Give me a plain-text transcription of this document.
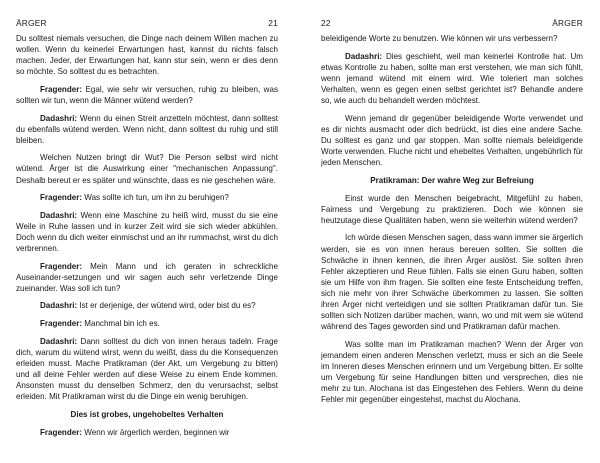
ÄRGER	21

Du solltest niemals versuchen, die Dinge nach deinem Willen machen zu wollen. Wenn du keinerlei Erwartungen hast, kannst du nichts falsch machen. Jeder, der Erwartungen hat, kann stur sein, wenn er dies denn so möchte. So solltest du es betrachten.

Fragender: Egal, wie sehr wir versuchen, ruhig zu bleiben, was sollten wir tun, wenn die Männer wütend werden?

Dadashri: Wenn du einen Streit anzetteln möchtest, dann solltest du ebenfalls wütend werden. Wenn nicht, dann solltest du ruhig und still bleiben.

Welchen Nutzen bringt dir Wut? Die Person selbst wird nicht wütend. Ärger ist die Auswirkung einer "mechanischen Anpassung". Deshalb bereut er es später und wünschte, dass es nie geschehen wäre.

Fragender: Was sollte ich tun, um ihn zu beruhigen?

Dadashri: Wenn eine Maschine zu heiß wird, musst du sie eine Weile in Ruhe lassen und in kurzer Zeit wird sie sich wieder abkühlen. Doch wenn du dich weiter einmischst und an ihr rummachst, wirst du dich verbrennen.

Fragender: Mein Mann und ich geraten in schreckliche Auseinander-setzungen und wir sagen auch sehr verletzende Dinge zueinander. Was soll ich tun?

Dadashri: Ist er derjenige, der wütend wird, oder bist du es?

Fragender: Manchmal bin ich es.

Dadashri: Dann solltest du dich von innen heraus tadeln. Frage dich, warum du wütend wirst, wenn du weißt, dass du die Konsequenzen erleiden musst. Mache Pratikraman (der Akt, um Vergebung zu bitten) und all deine Fehler werden auf diese Weise zu einem Ende kommen. Ansonsten musst du denselben Schmerz, den du verursachst, selbst erleiden. Mit Pratikraman wirst du die Dinge ein wenig beruhigen.

Dies ist grobes, ungehobeltes Verhalten

Fragender: Wenn wir ärgerlich werden, beginnen wir

22	ÄRGER

beleidigende Worte zu benutzen. Wie können wir uns verbessern?

Dadashri: Dies geschieht, weil man keinerlei Kontrolle hat. Um etwas Kontrolle zu haben, sollte man erst verstehen, wie man sich fühlt, wenn jemand wütend mit einem wird. Wie toleriert man solches Verhalten, wenn es gegen einen selbst gerichtet ist? Behandle andere so, wie auch du behandelt werden möchtest.

Wenn jemand dir gegenüber beleidigende Worte verwendet und es dir nichts ausmacht oder dich bedrückt, ist dies eine andere Sache. Du solltest es ganz und gar stoppen. Man sollte niemals beleidigende Worte verwenden. Fluche nicht und ehebeltes Verhalten, ungebührlich für jeden Menschen.

Pratikraman: Der wahre Weg zur Befreiung

Einst wurde den Menschen beigebracht, Mitgefühl zu haben, Fairness und Vergebung zu praktizieren. Doch wie können sie heutzutage diese Qualitäten haben, wenn sie weiterhin wütend werden?

Ich würde diesen Menschen sagen, dass wann immer sie ärgerlich werden, sie es von innen heraus bereuen sollten. Sie sollten die Schwäche in ihnen kennen, die ihren Ärger auslöst. Sie sollten ihren Fehler akzeptieren und Reue fühlen. Falls sie einen Guru haben, sollten sie um Hilfe von ihm fragen. Sie sollten eine feste Entscheidung treffen, sich nie mehr von ihrer Schwäche überkommen zu lassen. Sie sollten ihren Ärger nicht verteidigen und sie sollten Pratikraman dafür tun. Sie sollten sich Notizen darüber machen, wann, wo und mit wem sie wütend während des Tages geworden sind und Pratikraman dafür machen.

Was sollte man im Pratikraman machen? Wenn der Ärger von jemandem einen anderen Menschen verletzt, muss er sich an die Seele im Inneren dieses Menschen erinnern und um Vergebung bitten. Er sollte um Vergebung für seine Handlungen bitten und versprechen, dies nie mehr zu tun. Alochana ist das Eingestehen des Fehlers. Wenn du deine Fehler mir gegenüber eingestehst, machst du Alochana.
